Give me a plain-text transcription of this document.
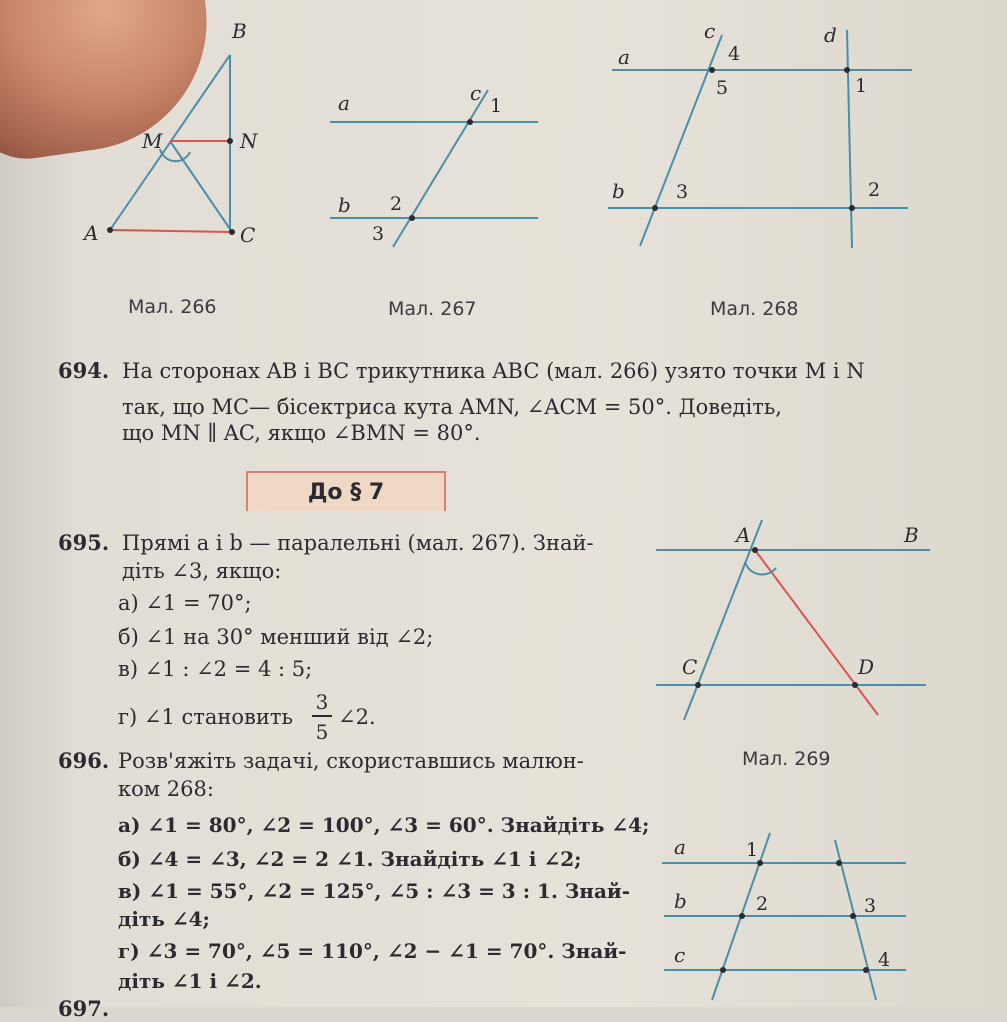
B
N
M
A	C
a
b
c
1
2
3
a
b
c	d
4
5	1
3	2
A	B
C	D
a
b
c
1
2	3
4
Мал. 266	Мал. 267	Мал. 268
Мал. 269
694. На сторонах AB і BC трикутника ABC (мал. 266) узято точки M і N
так, що MC— бісектриса кута AMN, ∠ACM = 50°. Доведіть,
що MN ∥ AC, якщо ∠BMN = 80°.
До § 7
695. Прямі a і b — паралельні (мал. 267). Знай-
діть ∠3, якщо:
а) ∠1 = 70°;
б) ∠1 на 30° менший від ∠2;
в) ∠1 : ∠2 = 4 : 5;
г) ∠1 становить
3
5
∠2.
696. Розв'яжіть задачі, скориставшись малюн-
ком 268:
а) ∠1 = 80°, ∠2 = 100°, ∠3 = 60°. Знайдіть ∠4;
б) ∠4 = ∠3, ∠2 = 2 ∠1. Знайдіть ∠1 і ∠2;
в) ∠1 = 55°, ∠2 = 125°, ∠5 : ∠3 = 3 : 1. Знай-
діть ∠4;
г) ∠3 = 70°, ∠5 = 110°, ∠2 − ∠1 = 70°. Знай-
діть ∠1 і ∠2.
697.
